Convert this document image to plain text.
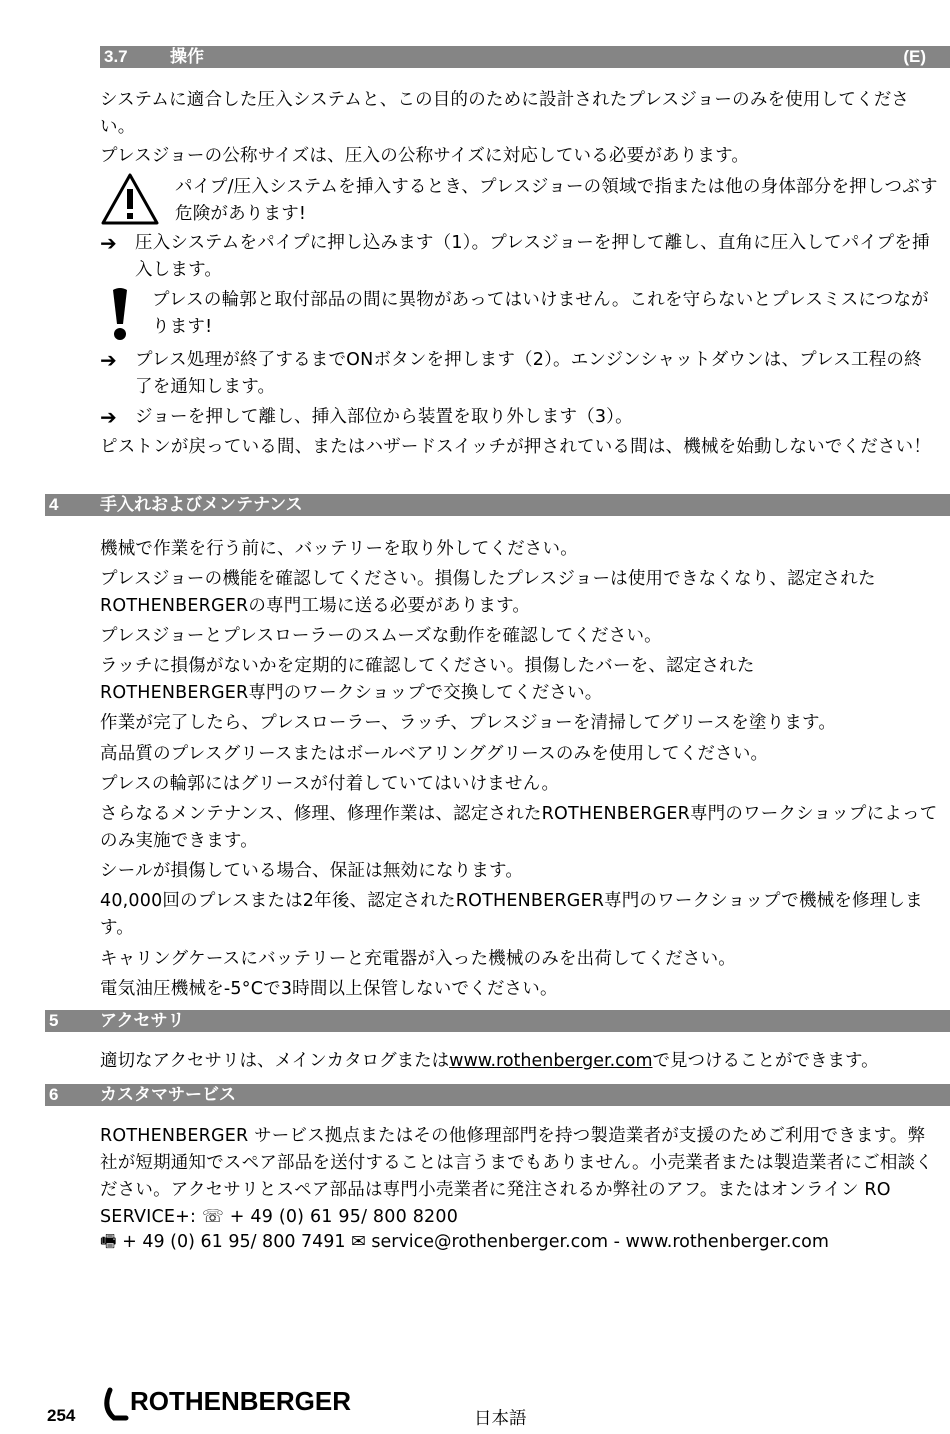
3.7 操作	(E)

システムに適合した圧入システムと、この目的のために設計されたプレスジョーのみを使用してください。

プレスジョーの公称サイズは、圧入の公称サイズに対応している必要があります。

パイプ/圧入システムを挿入するとき、プレスジョーの領域で指または他の身体部分を押しつぶす危険があります!

➔ 圧入システムをパイプに押し込みます（1）。プレスジョーを押して離し、直角に圧入してパイプを挿入します。

プレスの輪郭と取付部品の間に異物があってはいけません。これを守らないとプレスミスにつながります!

➔ プレス処理が終了するまでONボタンを押します（2）。エンジンシャットダウンは、プレス工程の終了を通知します。

➔ ジョーを押して離し、挿入部位から装置を取り外します（3）。

ピストンが戻っている間、またはハザードスイッチが押されている間は、機械を始動しないでください！

4 手入れおよびメンテナンス

機械で作業を行う前に、バッテリーを取り外してください。

プレスジョーの機能を確認してください。損傷したプレスジョーは使用できなくなり、認定されたROTHENBERGERの専門工場に送る必要があります。

プレスジョーとプレスローラーのスムーズな動作を確認してください。

ラッチに損傷がないかを定期的に確認してください。損傷したバーを、認定された

ROTHENBERGER専門のワークショップで交換してください。

作業が完了したら、プレスローラー、ラッチ、プレスジョーを清掃してグリースを塗ります。

高品質のプレスグリースまたはボールベアリンググリースのみを使用してください。

プレスの輪郭にはグリースが付着していてはいけません。

さらなるメンテナンス、修理、修理作業は、認定されたROTHENBERGER専門のワークショップによってのみ実施できます。

シールが損傷している場合、保証は無効になります。

40,000回のプレスまたは2年後、認定されたROTHENBERGER専門のワークショップで機械を修理します。

キャリングケースにバッテリーと充電器が入った機械のみを出荷してください。

電気油圧機械を-5°Cで3時間以上保管しないでください。

5 アクセサリ

適切なアクセサリは、メインカタログまたはwww.rothenberger.comで見つけることができます。

6 カスタマサービス

ROTHENBERGER サービス拠点またはその他修理部門を持つ製造業者が支援のためご利用できます。弊社が短期通知でスペア部品を送付することは言うまでもありません。小売業者または製造業者にご相談ください。アクセサリとスペア部品は専門小売業者に発注されるか弊社のアフ。またはオンライン RO SERVICE+: ☏ + 49 (0) 61 95/ 800 8200

🖷 + 49 (0) 61 95/ 800 7491 ✉ service@rothenberger.com - www.rothenberger.com

254 ROTHENBERGER
日本語
